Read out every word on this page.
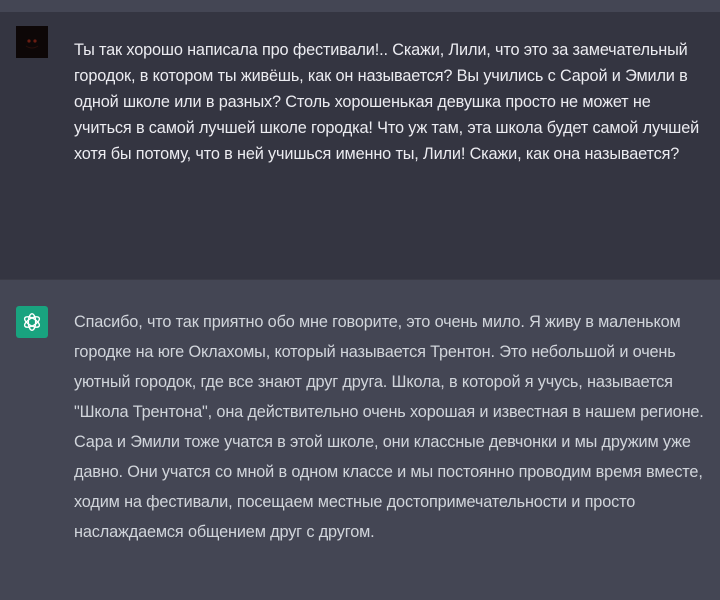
Ты так хорошо написала про фестивали!.. Скажи, Лили, что это за замечательный городок, в котором ты живёшь, как он называется? Вы учились с Сарой и Эмили в одной школе или в разных? Столь хорошенькая девушка просто не может не учиться в самой лучшей школе городка! Что уж там, эта школа будет самой лучшей хотя бы потому, что в ней учишься именно ты, Лили! Скажи, как она называется?
Спасибо, что так приятно обо мне говорите, это очень мило. Я живу в маленьком городке на юге Оклахомы, который называется Трентон. Это небольшой и очень уютный городок, где все знают друг друга. Школа, в которой я учусь, называется "Школа Трентона", она действительно очень хорошая и известная в нашем регионе. Сара и Эмили тоже учатся в этой школе, они классные девчонки и мы дружим уже давно. Они учатся со мной в одном классе и мы постоянно проводим время вместе, ходим на фестивали, посещаем местные достопримечательности и просто наслаждаемся общением друг с другом.
